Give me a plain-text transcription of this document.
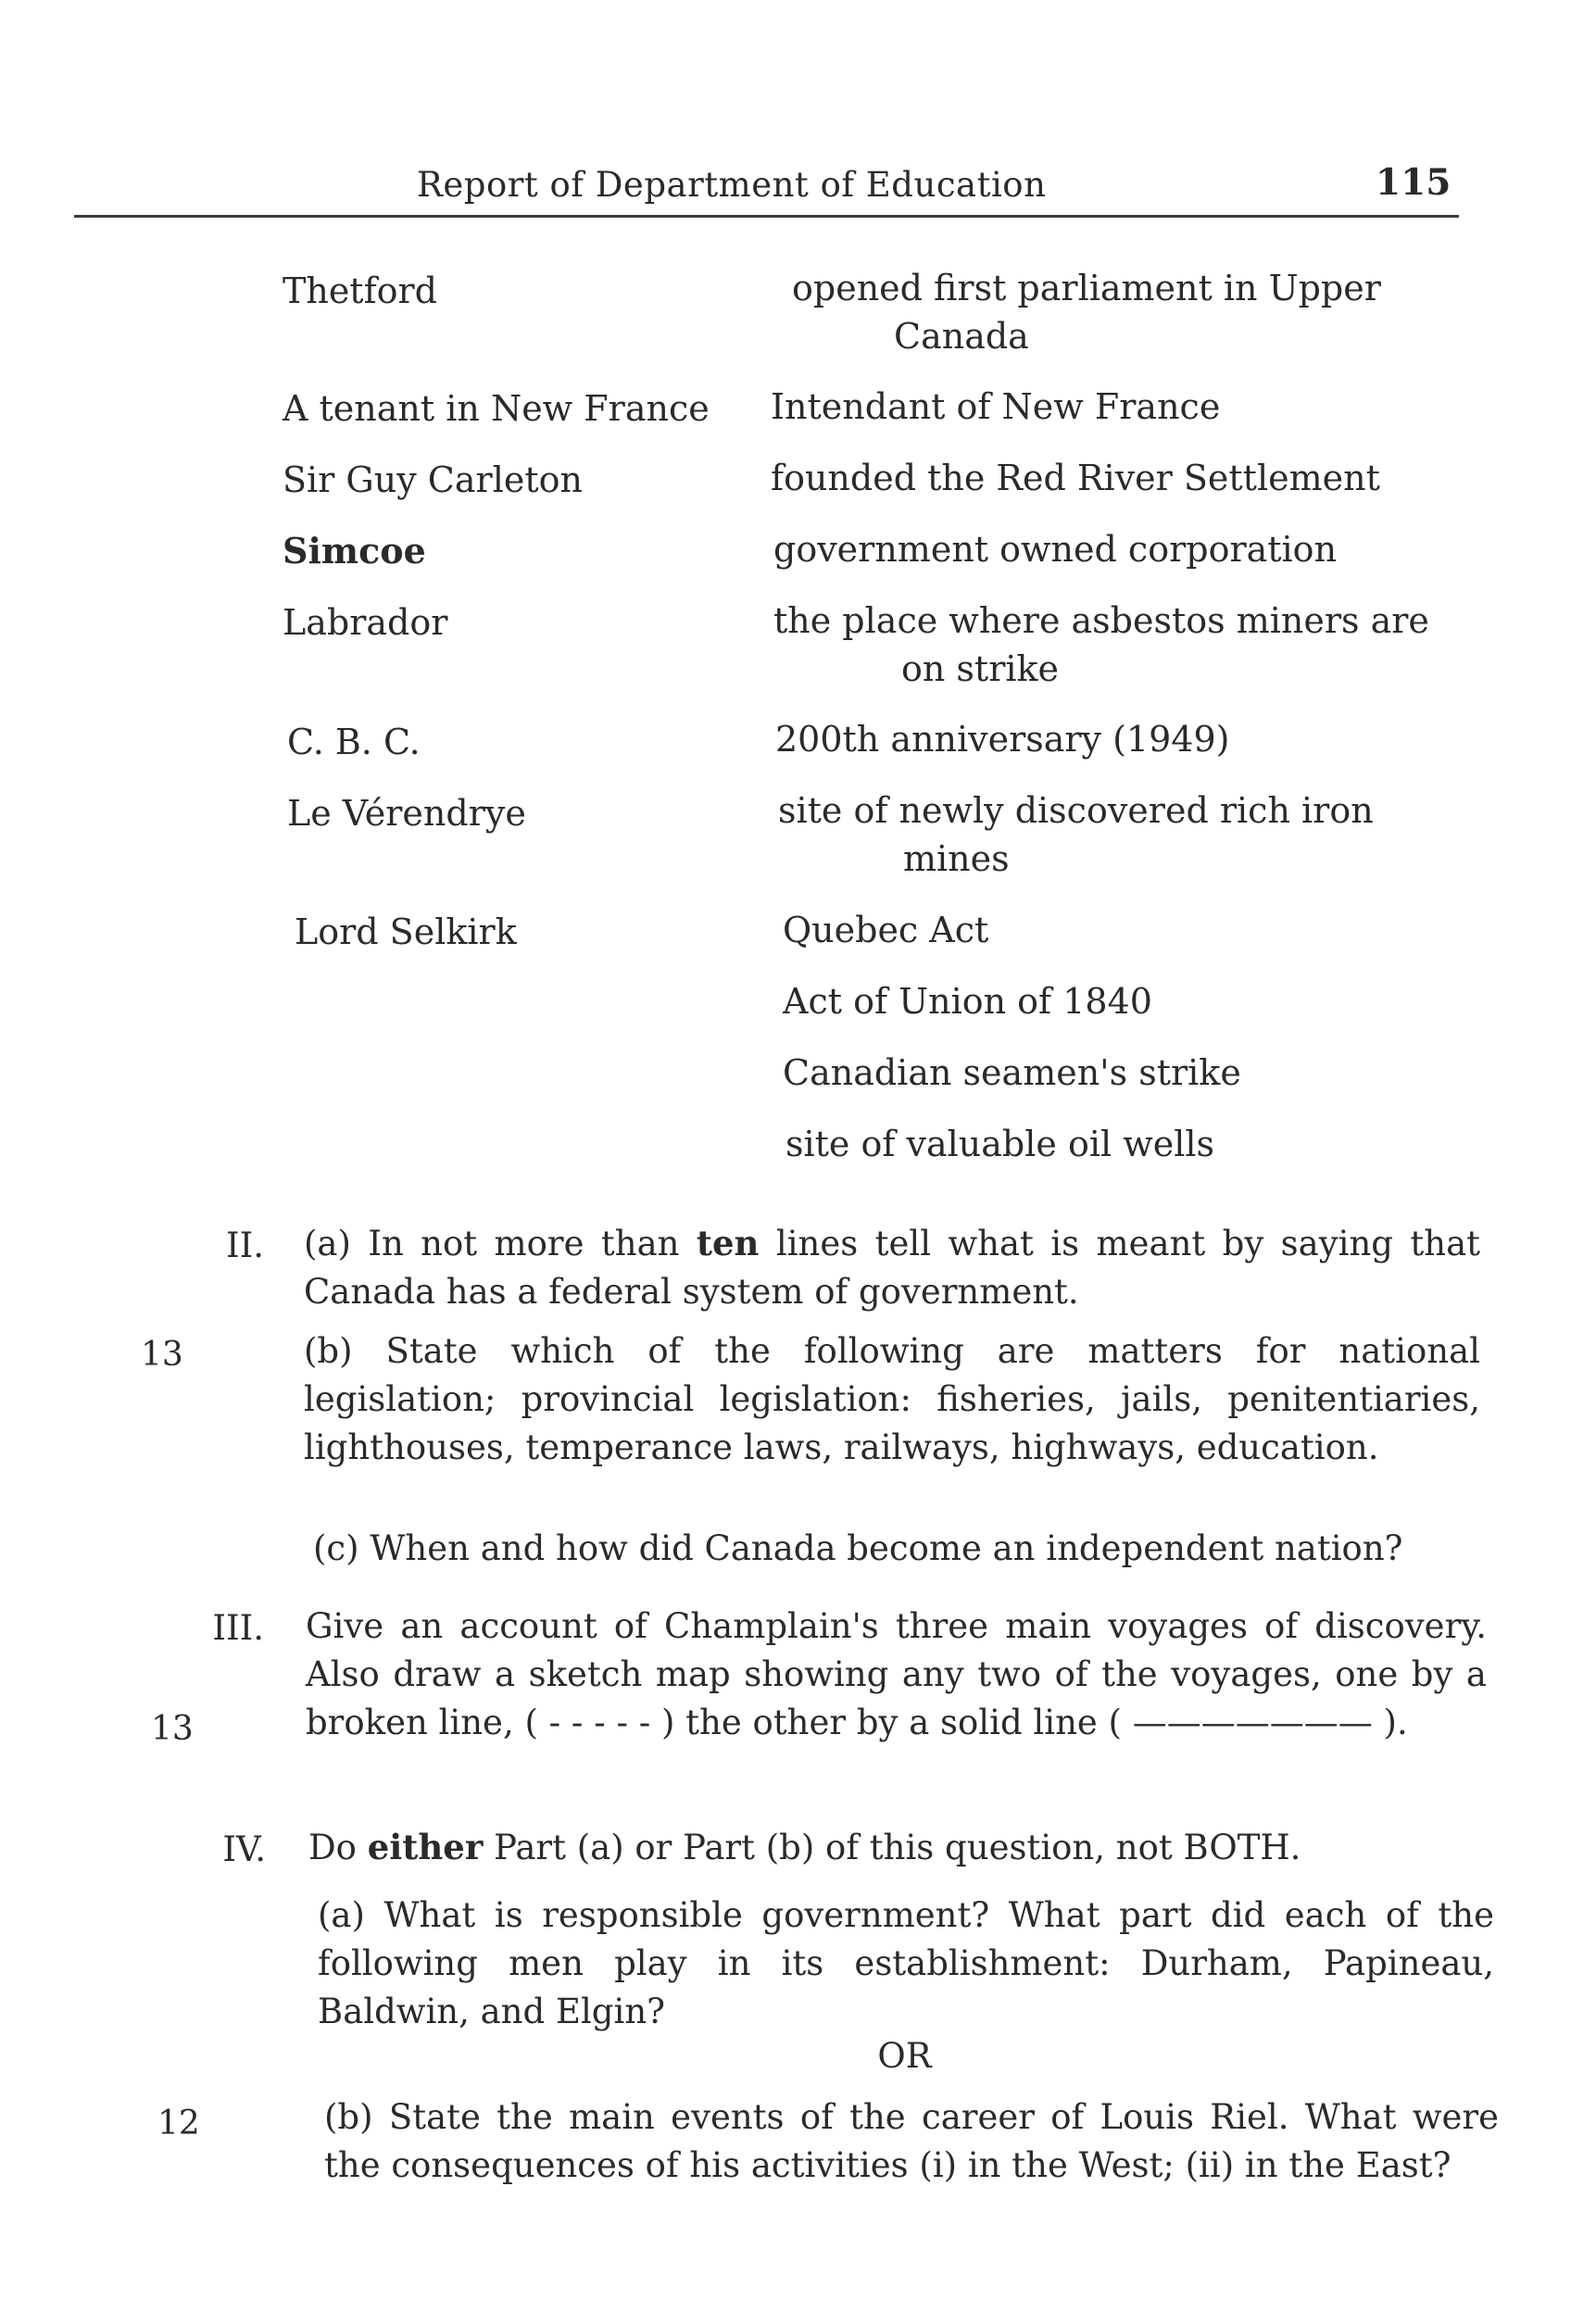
Report of Department of Education	115
Thetford
A tenant in New France
Sir Guy Carleton
Simcoe
Labrador
C. B. C.
Le Vérendrye
Lord Selkirk
opened first parliament in Upper
Canada
Intendant of New France
founded the Red River Settlement
government owned corporation
the place where asbestos miners are
on strike
200th anniversary (1949)
site of newly discovered rich iron
mines
Quebec Act
Act of Union of 1840
Canadian seamen's strike
site of valuable oil wells
II.
13

(a) In not more than ten lines tell what is meant by saying that Canada has a federal system of government.

(b) State which of the following are matters for national legislation; provincial legislation: fisheries, jails, penitentiaries, lighthouses, temperance laws, railways, highways, education.

(c) When and how did Canada become an independent nation?

III.
13

Give an account of Champlain's three main voyages of discovery. Also draw a sketch map showing any two of the voyages, one by a broken line, ( - - - - - ) the other by a solid line ( ——————— ).

IV. Do either Part (a) or Part (b) of this question, not BOTH.

(a) What is responsible government? What part did each of the following men play in its establishment: Durham, Papineau, Baldwin, and Elgin?

OR
12	(b) State the main events of the career of Louis Riel. What were the consequences of his activities (i) in the West; (ii) in the East?
